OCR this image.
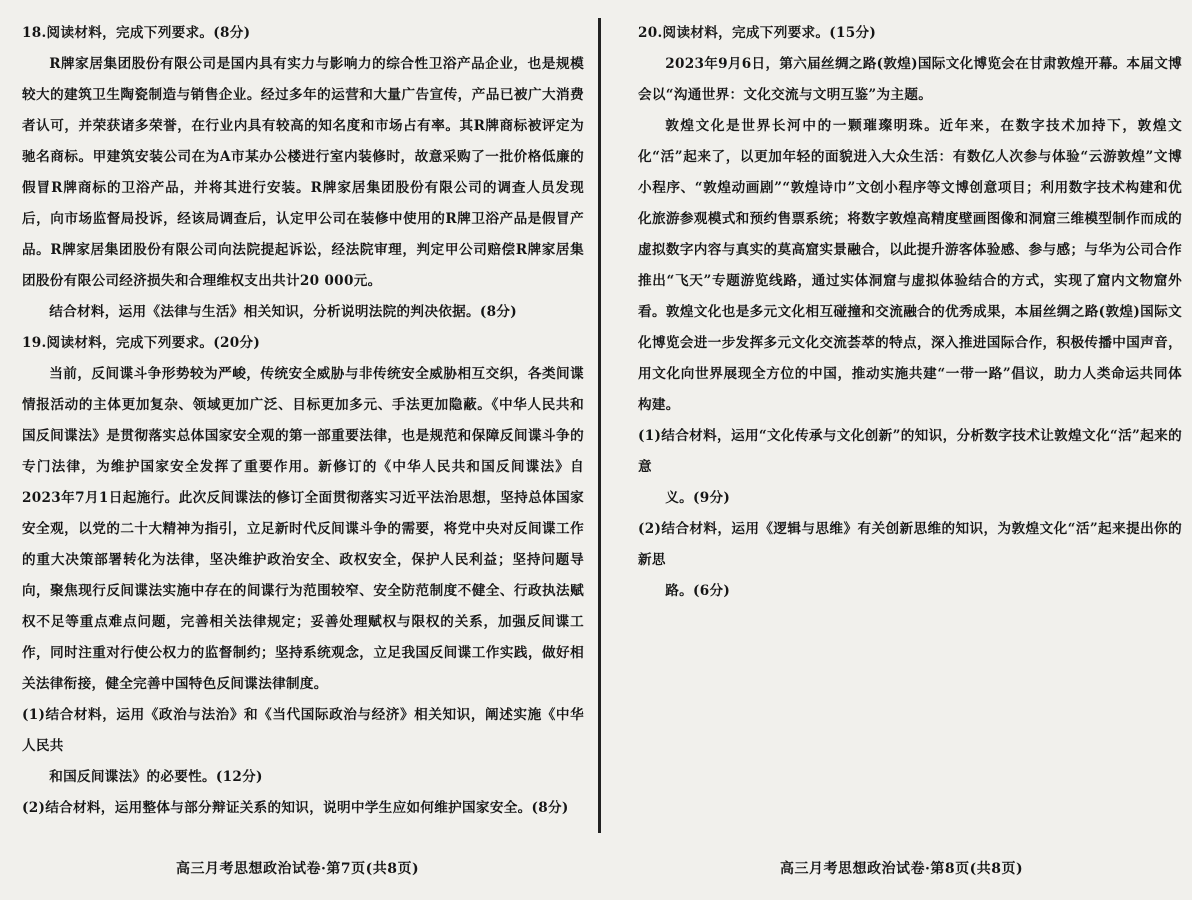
18.阅读材料，完成下列要求。(8分)
R牌家居集团股份有限公司是国内具有实力与影响力的综合性卫浴产品企业，也是规模较大的建筑卫生陶瓷制造与销售企业。经过多年的运营和大量广告宣传，产品已被广大消费者认可，并荣获诸多荣誉，在行业内具有较高的知名度和市场占有率。其R牌商标被评定为驰名商标。甲建筑安装公司在为A市某办公楼进行室内装修时，故意采购了一批价格低廉的假冒R牌商标的卫浴产品，并将其进行安装。R牌家居集团股份有限公司的调查人员发现后，向市场监督局投诉，经该局调查后，认定甲公司在装修中使用的R牌卫浴产品是假冒产品。R牌家居集团股份有限公司向法院提起诉讼，经法院审理，判定甲公司赔偿R牌家居集团股份有限公司经济损失和合理维权支出共计20 000元。
结合材料，运用《法律与生活》相关知识，分析说明法院的判决依据。(8分)
19.阅读材料，完成下列要求。(20分)
当前，反间谍斗争形势较为严峻，传统安全威胁与非传统安全威胁相互交织，各类间谍情报活动的主体更加复杂、领域更加广泛、目标更加多元、手法更加隐蔽。《中华人民共和国反间谍法》是贯彻落实总体国家安全观的第一部重要法律，也是规范和保障反间谍斗争的专门法律，为维护国家安全发挥了重要作用。新修订的《中华人民共和国反间谍法》自2023年7月1日起施行。此次反间谍法的修订全面贯彻落实习近平法治思想，坚持总体国家安全观，以党的二十大精神为指引，立足新时代反间谍斗争的需要，将党中央对反间谍工作的重大决策部署转化为法律，坚决维护政治安全、政权安全，保护人民利益；坚持问题导向，聚焦现行反间谍法实施中存在的间谍行为范围较窄、安全防范制度不健全、行政执法赋权不足等重点难点问题，完善相关法律规定；妥善处理赋权与限权的关系，加强反间谍工作，同时注重对行使公权力的监督制约；坚持系统观念，立足我国反间谍工作实践，做好相关法律衔接，健全完善中国特色反间谍法律制度。
(1)结合材料，运用《政治与法治》和《当代国际政治与经济》相关知识，阐述实施《中华人民共
和国反间谍法》的必要性。(12分)
(2)结合材料，运用整体与部分辩证关系的知识，说明中学生应如何维护国家安全。(8分)
20.阅读材料，完成下列要求。(15分)
2023年9月6日，第六届丝绸之路(敦煌)国际文化博览会在甘肃敦煌开幕。本届文博会以“沟通世界：文化交流与文明互鉴”为主题。
敦煌文化是世界长河中的一颗璀璨明珠。近年来，在数字技术加持下，敦煌文化“活”起来了，以更加年轻的面貌进入大众生活：有数亿人次参与体验“云游敦煌”文博小程序、“敦煌动画剧”“敦煌诗巾”文创小程序等文博创意项目；利用数字技术构建和优化旅游参观模式和预约售票系统；将数字敦煌高精度壁画图像和洞窟三维模型制作而成的虚拟数字内容与真实的莫高窟实景融合，以此提升游客体验感、参与感；与华为公司合作推出“飞天”专题游览线路，通过实体洞窟与虚拟体验结合的方式，实现了窟内文物窟外看。敦煌文化也是多元文化相互碰撞和交流融合的优秀成果，本届丝绸之路(敦煌)国际文化博览会进一步发挥多元文化交流荟萃的特点，深入推进国际合作，积极传播中国声音，用文化向世界展现全方位的中国，推动实施共建“一带一路”倡议，助力人类命运共同体构建。
(1)结合材料，运用“文化传承与文化创新”的知识，分析数字技术让敦煌文化“活”起来的意
义。(9分)
(2)结合材料，运用《逻辑与思维》有关创新思维的知识，为敦煌文化“活”起来提出你的新思
路。(6分)
高三月考思想政治试卷·第7页(共8页)	高三月考思想政治试卷·第8页(共8页)
